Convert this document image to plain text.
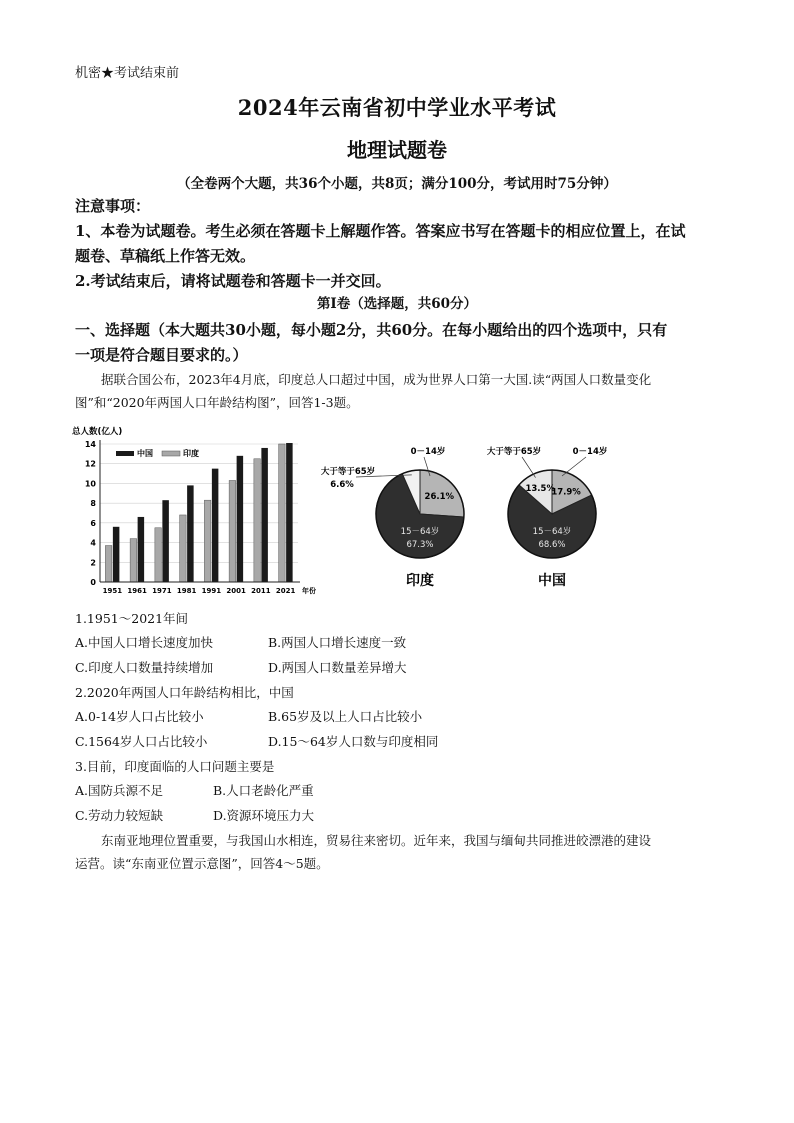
机密★考试结束前
2024年云南省初中学业水平考试
地理试题卷
（全卷两个大题，共36个小题，共8页；满分100分，考试用时75分钟）
注意事项：
1、本卷为试题卷。考生必须在答题卡上解题作答。答案应书写在答题卡的相应位置上，在试
题卷、草稿纸上作答无效。
2.考试结束后，请将试题卷和答题卡一并交回。
第Ⅰ卷（选择题，共60分）
一、选择题（本大题共30小题，每小题2分，共60分。在每小题给出的四个选项中，只有
一项是符合题目要求的。）
据联合国公布，2023年4月底，印度总人口超过中国，成为世界人口第一大国.读“两国人口数量变化
图”和“2020年两国人口年龄结构图”，回答1-3题。
总人数(亿人)
0
2
4
6
8
10
12
14
1951 1961 1971 1981 1991 2001 2011 2021 年份
中国	印度
26.1%
15－64岁
67.3%
0－14岁
大于等于65岁
6.6%
印度
17.9%
15－64岁
68.6%
0－14岁
大于等于65岁
13.5%
中国
1.1951～2021年间
A.中国人口增长速度加快	B.两国人口增长速度一致
C.印度人口数量持续增加	D.两国人口数量差异增大
2.2020年两国人口年龄结构相比，中国
A.0-14岁人口占比较小	B.65岁及以上人口占比较小
C.1564岁人口占比较小	D.15～64岁人口数与印度相同
3.目前，印度面临的人口问题主要是
A.国防兵源不足	B.人口老龄化严重
C.劳动力较短缺	D.资源环境压力大
东南亚地理位置重要，与我国山水相连，贸易往来密切。近年来，我国与缅甸共同推进皎漂港的建设
运营。读“东南亚位置示意图”，回答4～5题。
